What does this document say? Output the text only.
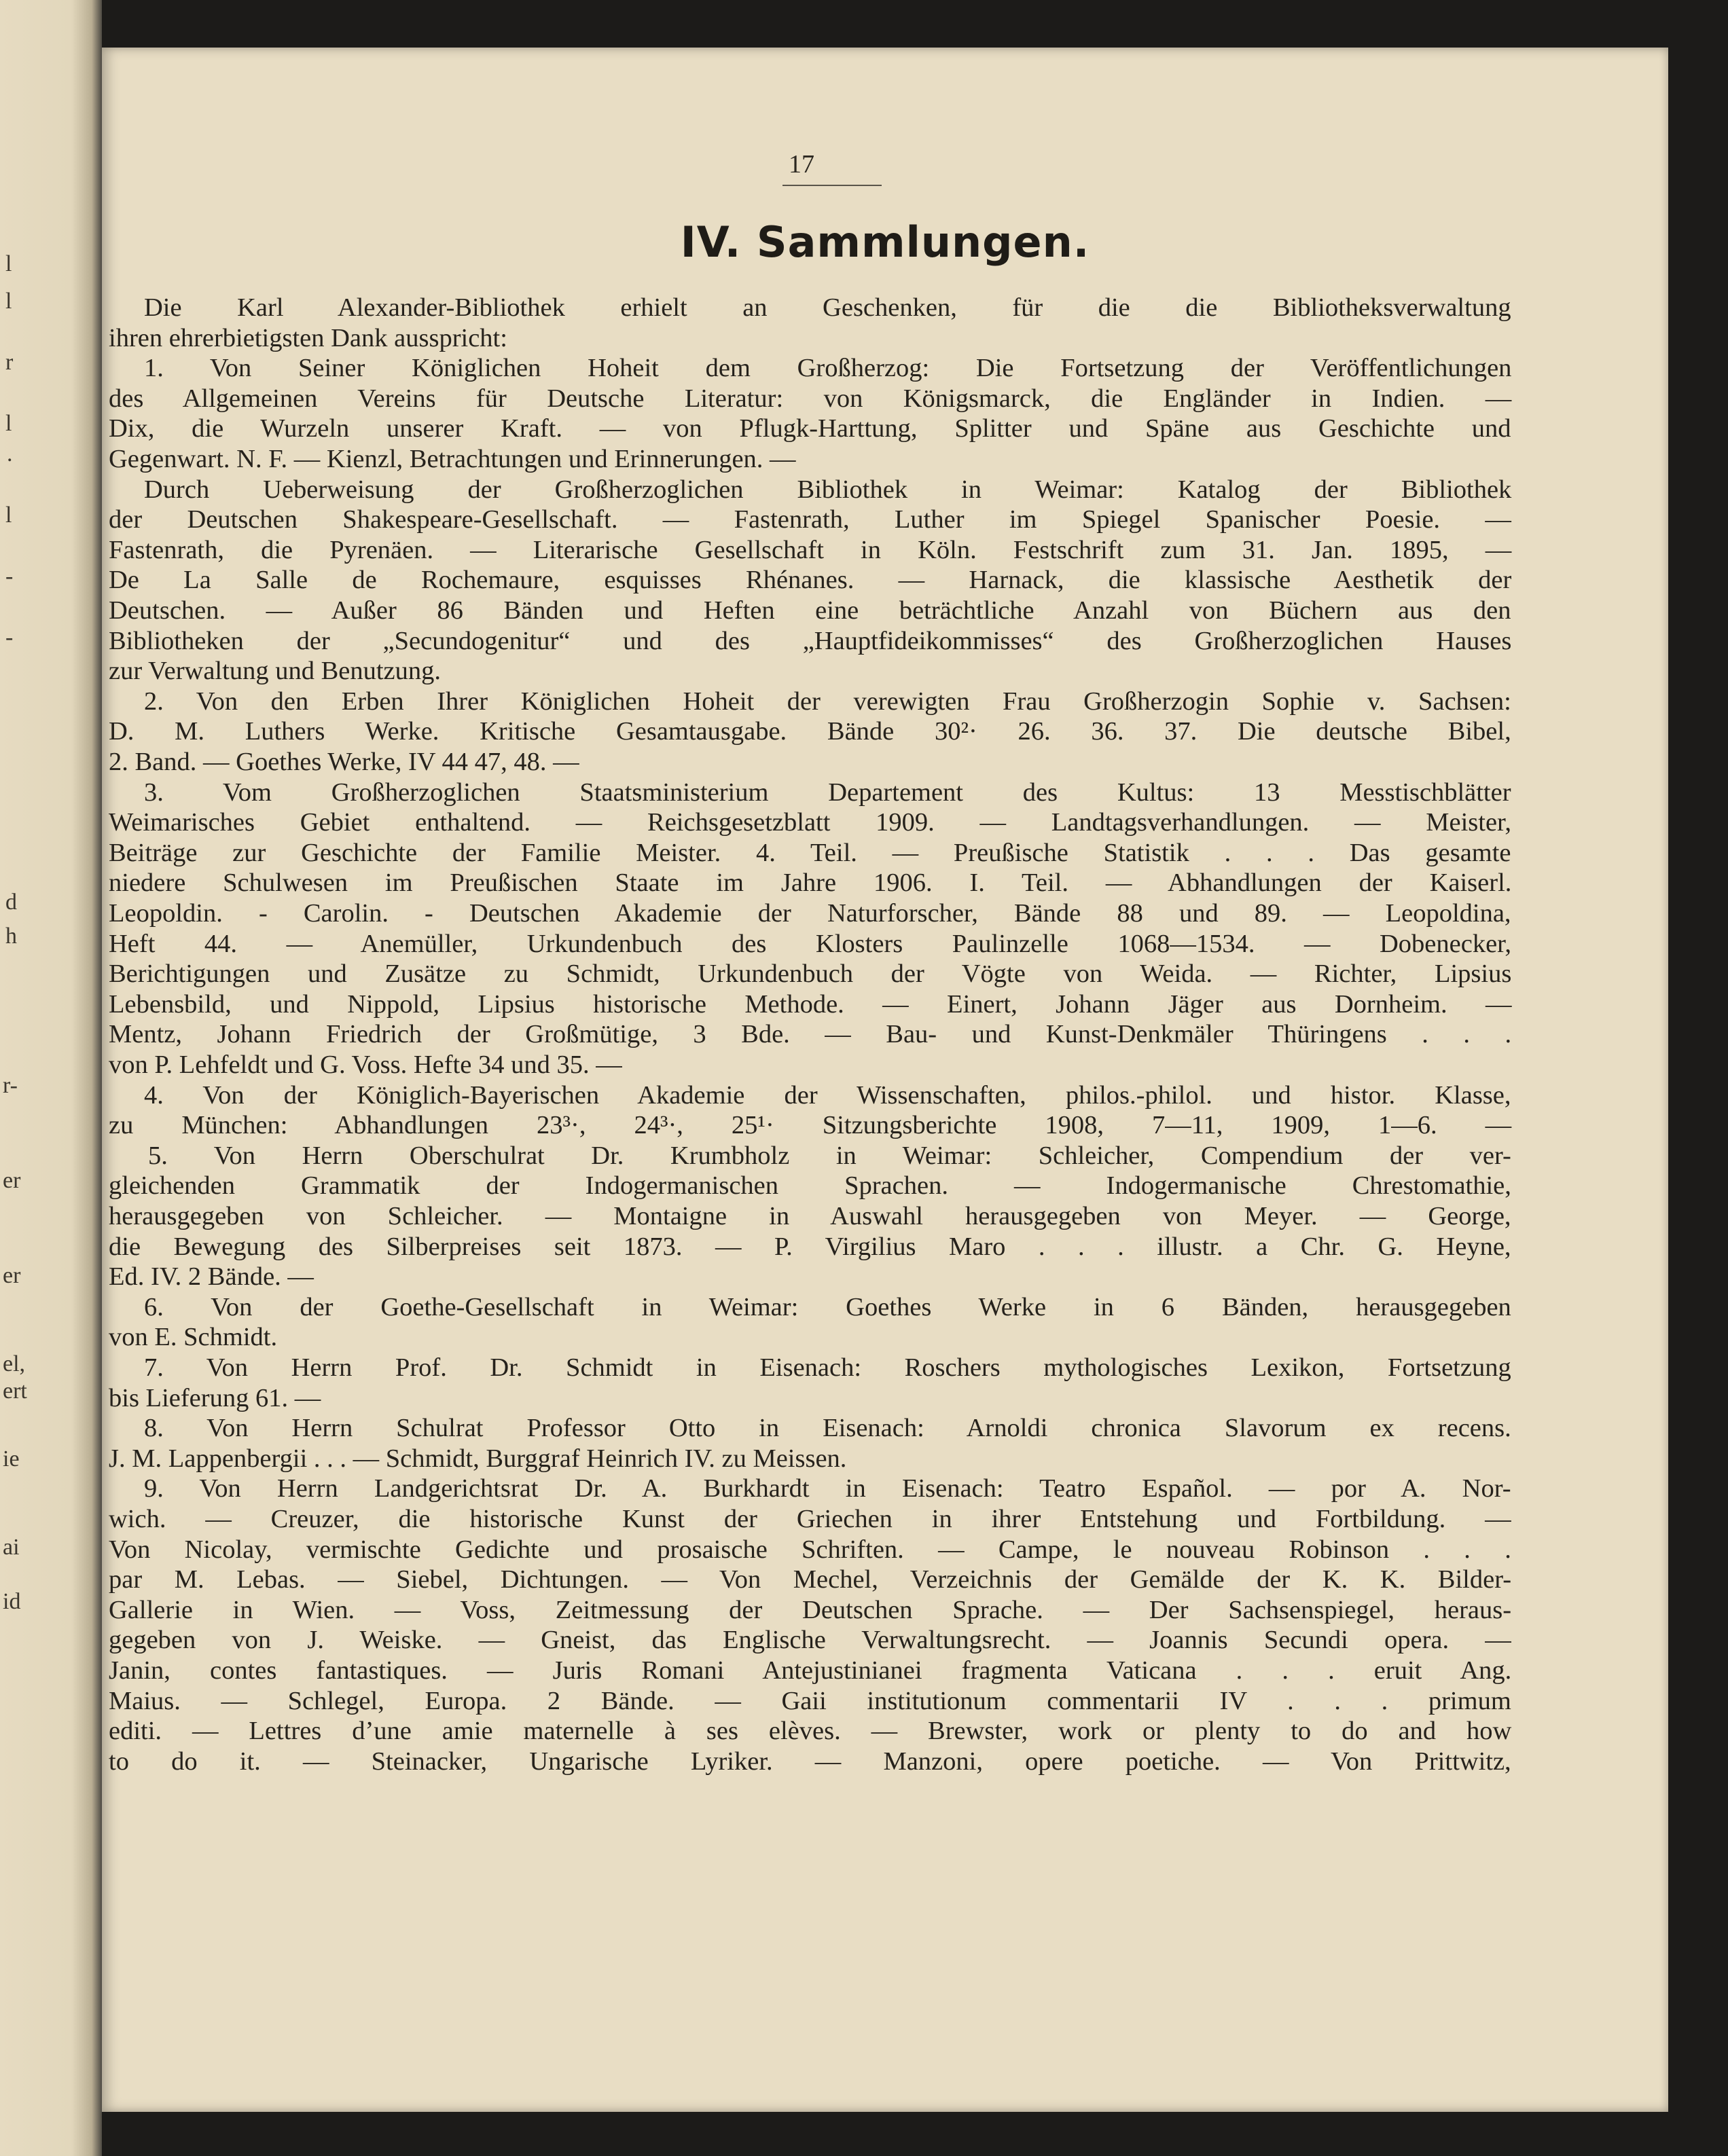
l
l
r
l
.
l
-
-
d
h
r-
er
er
el,
ert
ie
ai
id
17
IV. Sammlungen.
Die Karl Alexander-Bibliothek erhielt an Geschenken, für die die Bibliotheksverwaltung
ihren ehrerbietigsten Dank ausspricht:
1. Von Seiner Königlichen Hoheit dem Großherzog: Die Fortsetzung der Veröffentlichungen
des Allgemeinen Vereins für Deutsche Literatur: von Königsmarck, die Engländer in Indien. —
Dix, die Wurzeln unserer Kraft. — von Pflugk-Harttung, Splitter und Späne aus Geschichte und
Gegenwart. N. F. — Kienzl, Betrachtungen und Erinnerungen. —
Durch Ueberweisung der Großherzoglichen Bibliothek in Weimar: Katalog der Bibliothek
der Deutschen Shakespeare-Gesellschaft. — Fastenrath, Luther im Spiegel Spanischer Poesie. —
Fastenrath, die Pyrenäen. — Literarische Gesellschaft in Köln. Festschrift zum 31. Jan. 1895, —
De La Salle de Rochemaure, esquisses Rhénanes. — Harnack, die klassische Aesthetik der
Deutschen. — Außer 86 Bänden und Heften eine beträchtliche Anzahl von Büchern aus den
Bibliotheken der „Secundogenitur“ und des „Hauptfideikommisses“ des Großherzoglichen Hauses
zur Verwaltung und Benutzung.
2. Von den Erben Ihrer Königlichen Hoheit der verewigten Frau Großherzogin Sophie v. Sachsen:
D. M. Luthers Werke. Kritische Gesamtausgabe. Bände 30²· 26. 36. 37. Die deutsche Bibel,
2. Band. — Goethes Werke, IV 44 47, 48. —
3. Vom Großherzoglichen Staatsministerium Departement des Kultus: 13 Messtischblätter
Weimarisches Gebiet enthaltend. — Reichsgesetzblatt 1909. — Landtagsverhandlungen. — Meister,
Beiträge zur Geschichte der Familie Meister. 4. Teil. — Preußische Statistik . . . Das gesamte
niedere Schulwesen im Preußischen Staate im Jahre 1906. I. Teil. — Abhandlungen der Kaiserl.
Leopoldin. - Carolin. - Deutschen Akademie der Naturforscher, Bände 88 und 89. — Leopoldina,
Heft 44. — Anemüller, Urkundenbuch des Klosters Paulinzelle 1068—1534. — Dobenecker,
Berichtigungen und Zusätze zu Schmidt, Urkundenbuch der Vögte von Weida. — Richter, Lipsius
Lebensbild, und Nippold, Lipsius historische Methode. — Einert, Johann Jäger aus Dornheim. —
Mentz, Johann Friedrich der Großmütige, 3 Bde. — Bau- und Kunst-Denkmäler Thüringens . . .
von P. Lehfeldt und G. Voss. Hefte 34 und 35. —
4. Von der Königlich-Bayerischen Akademie der Wissenschaften, philos.-philol. und histor. Klasse,
zu München: Abhandlungen 23³·, 24³·, 25¹· Sitzungsberichte 1908, 7—11, 1909, 1—6. —
5. Von Herrn Oberschulrat Dr. Krumbholz in Weimar: Schleicher, Compendium der ver-
gleichenden Grammatik der Indogermanischen Sprachen. — Indogermanische Chrestomathie,
herausgegeben von Schleicher. — Montaigne in Auswahl herausgegeben von Meyer. — George,
die Bewegung des Silberpreises seit 1873. — P. Virgilius Maro . . . illustr. a Chr. G. Heyne,
Ed. IV. 2 Bände. —
6. Von der Goethe-Gesellschaft in Weimar: Goethes Werke in 6 Bänden, herausgegeben
von E. Schmidt.
7. Von Herrn Prof. Dr. Schmidt in Eisenach: Roschers mythologisches Lexikon, Fortsetzung
bis Lieferung 61. —
8. Von Herrn Schulrat Professor Otto in Eisenach: Arnoldi chronica Slavorum ex recens.
J. M. Lappenbergii . . . — Schmidt, Burggraf Heinrich IV. zu Meissen.
9. Von Herrn Landgerichtsrat Dr. A. Burkhardt in Eisenach: Teatro Español. — por A. Nor-
wich. — Creuzer, die historische Kunst der Griechen in ihrer Entstehung und Fortbildung. —
Von Nicolay, vermischte Gedichte und prosaische Schriften. — Campe, le nouveau Robinson . . .
par M. Lebas. — Siebel, Dichtungen. — Von Mechel, Verzeichnis der Gemälde der K. K. Bilder-
Gallerie in Wien. — Voss, Zeitmessung der Deutschen Sprache. — Der Sachsenspiegel, heraus-
gegeben von J. Weiske. — Gneist, das Englische Verwaltungsrecht. — Joannis Secundi opera. —
Janin, contes fantastiques. — Juris Romani Antejustinianei fragmenta Vaticana . . . eruit Ang.
Maius. — Schlegel, Europa. 2 Bände. — Gaii institutionum commentarii IV . . . primum
editi. — Lettres d’une amie maternelle à ses elèves. — Brewster, work or plenty to do and how
to do it. — Steinacker, Ungarische Lyriker. — Manzoni, opere poetiche. — Von Prittwitz,
